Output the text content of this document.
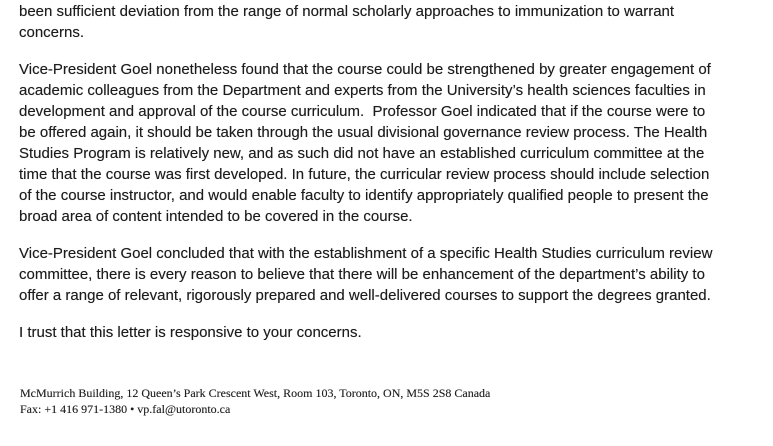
been sufficient deviation from the range of normal scholarly approaches to immunization to warrant
concerns.
Vice-President Goel nonetheless found that the course could be strengthened by greater engagement of
academic colleagues from the Department and experts from the University’s health sciences faculties in
development and approval of the course curriculum.  Professor Goel indicated that if the course were to
be offered again, it should be taken through the usual divisional governance review process. The Health
Studies Program is relatively new, and as such did not have an established curriculum committee at the
time that the course was first developed. In future, the curricular review process should include selection
of the course instructor, and would enable faculty to identify appropriately qualified people to present the
broad area of content intended to be covered in the course.
Vice-President Goel concluded that with the establishment of a specific Health Studies curriculum review
committee, there is every reason to believe that there will be enhancement of the department’s ability to
offer a range of relevant, rigorously prepared and well-delivered courses to support the degrees granted.
I trust that this letter is responsive to your concerns.
McMurrich Building, 12 Queen’s Park Crescent West, Room 103, Toronto, ON, M5S 2S8 Canada
Fax: +1 416 971-1380 • vp.fal@utoronto.ca
